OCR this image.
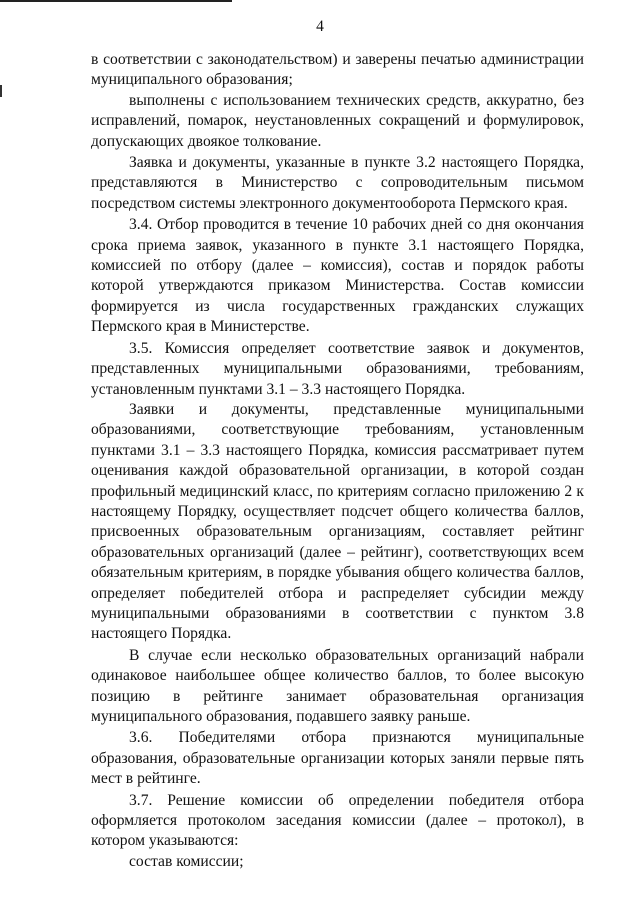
4

в соответствии с законодательством) и заверены печатью администрации муниципального образования;

выполнены с использованием технических средств, аккуратно, без исправлений, помарок, неустановленных сокращений и формулировок, допускающих двоякое толкование.

Заявка и документы, указанные в пункте 3.2 настоящего Порядка, представляются в Министерство с сопроводительным письмом посредством системы электронного документооборота Пермского края.

3.4. Отбор проводится в течение 10 рабочих дней со дня окончания срока приема заявок, указанного в пункте 3.1 настоящего Порядка, комиссией по отбору (далее – комиссия), состав и порядок работы которой утверждаются приказом Министерства. Состав комиссии формируется из числа государственных гражданских служащих Пермского края в Министерстве.

3.5. Комиссия определяет соответствие заявок и документов, представленных муниципальными образованиями, требованиям, установленным пунктами 3.1 – 3.3 настоящего Порядка.

Заявки и документы, представленные муниципальными образованиями, соответствующие требованиям, установленным пунктами 3.1 – 3.3 настоящего Порядка, комиссия рассматривает путем оценивания каждой образовательной организации, в которой создан профильный медицинский класс, по критериям согласно приложению 2 к настоящему Порядку, осуществляет подсчет общего количества баллов, присвоенных образовательным организациям, составляет рейтинг образовательных организаций (далее – рейтинг), соответствующих всем обязательным критериям, в порядке убывания общего количества баллов, определяет победителей отбора и распределяет субсидии между муниципальными образованиями в соответствии с пунктом 3.8 настоящего Порядка.

В случае если несколько образовательных организаций набрали одинаковое наибольшее общее количество баллов, то более высокую позицию в рейтинге занимает образовательная организация муниципального образования, подавшего заявку раньше.

3.6. Победителями отбора признаются муниципальные образования, образовательные организации которых заняли первые пять мест в рейтинге.

3.7. Решение комиссии об определении победителя отбора оформляется протоколом заседания комиссии (далее – протокол), в котором указываются:

состав комиссии;
